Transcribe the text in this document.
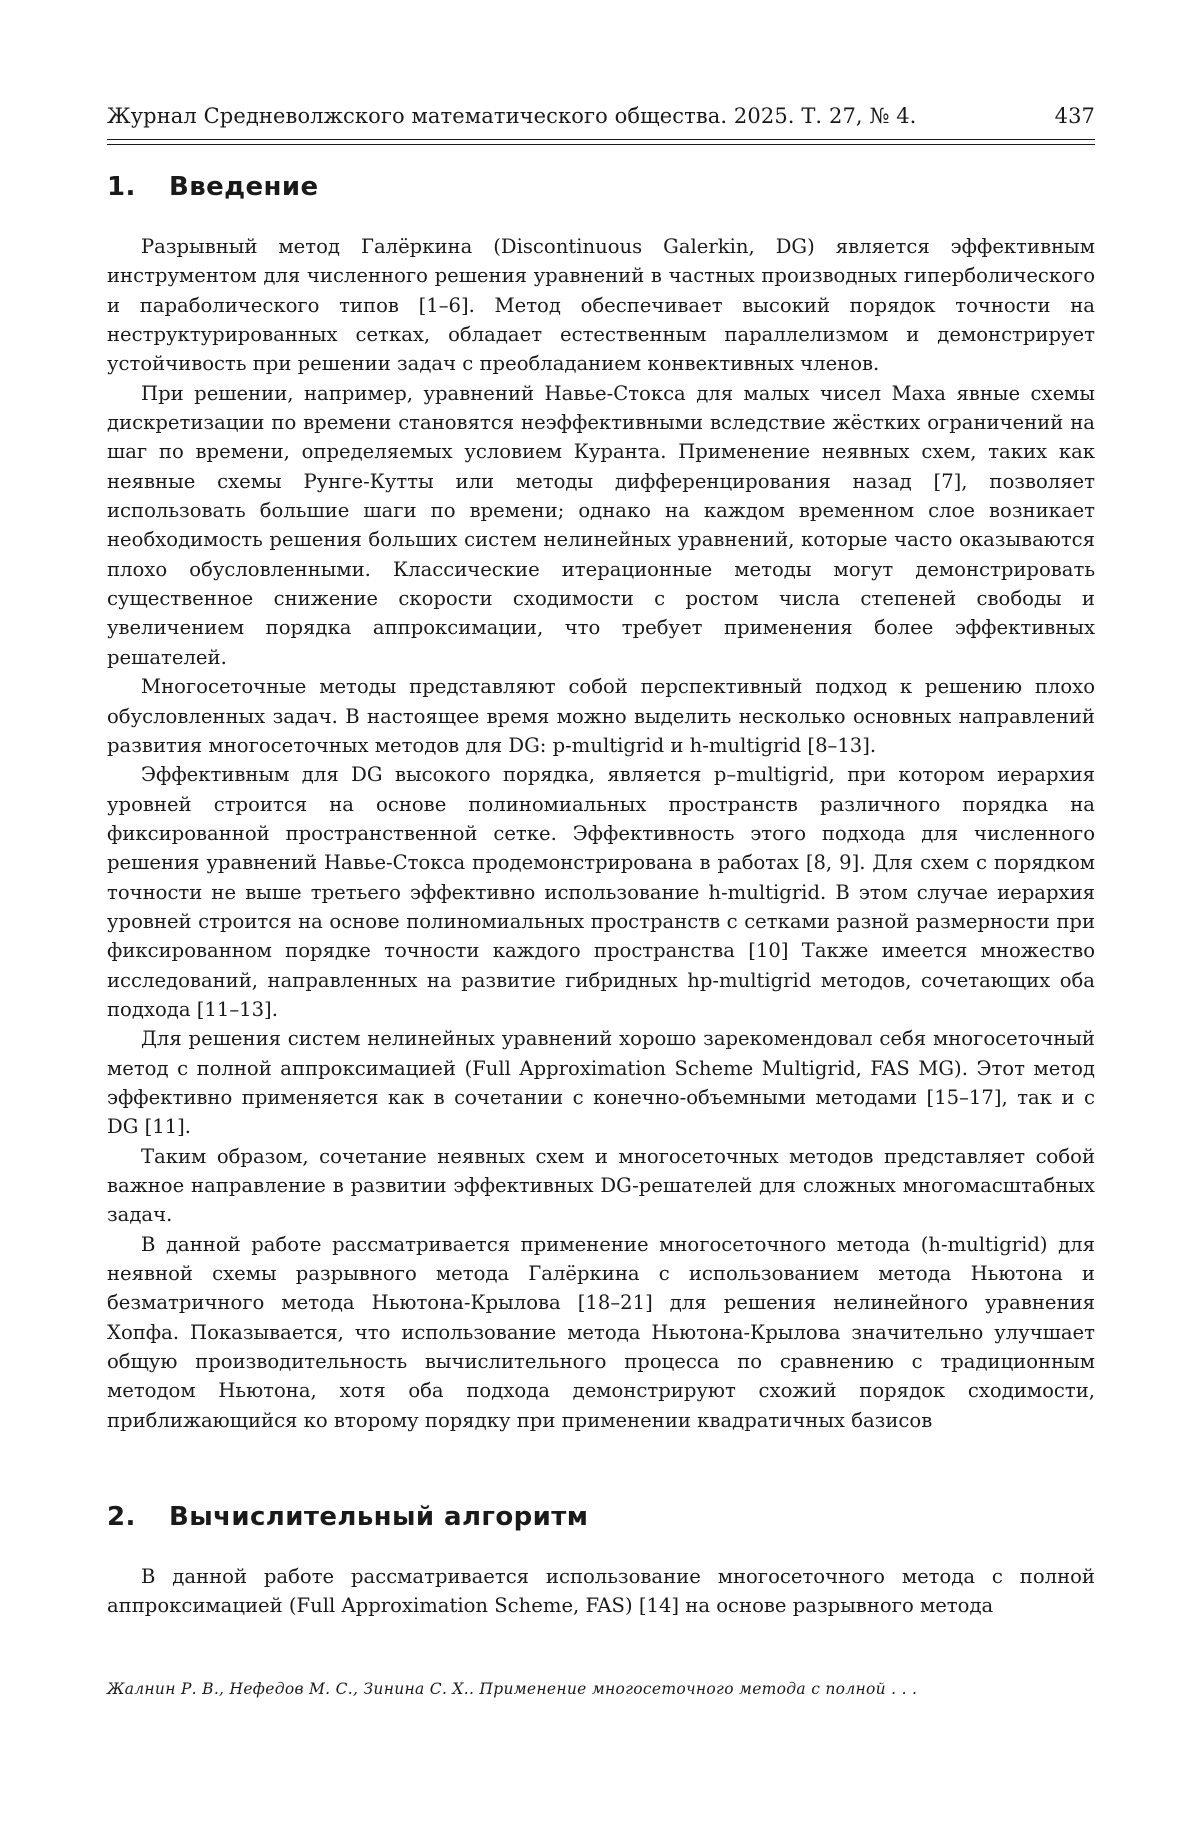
Журнал Средневолжского математического общества. 2025. Т. 27, № 4.	437
1. Введение

Разрывный метод Галёркина (Discontinuous Galerkin, DG) является эффективным инструментом для численного решения уравнений в частных производных гиперболического и параболического типов [1–6]. Метод обеспечивает высокий порядок точности на неструктурированных сетках, обладает естественным параллелизмом и демонстрирует устойчивость при решении задач с преобладанием конвективных членов.

При решении, например, уравнений Навье-Стокса для малых чисел Маха явные схемы дискретизации по времени становятся неэффективными вследствие жёстких ограничений на шаг по времени, определяемых условием Куранта. Применение неявных схем, таких как неявные схемы Рунге-Кутты или методы дифференцирования назад [7], позволяет использовать большие шаги по времени; однако на каждом временном слое возникает необходимость решения больших систем нелинейных уравнений, которые часто оказываются плохо обусловленными. Классические итерационные методы могут демонстрировать существенное снижение скорости сходимости с ростом числа степеней свободы и увеличением порядка аппроксимации, что требует применения более эффективных решателей.

Многосеточные методы представляют собой перспективный подход к решению плохо обусловленных задач. В настоящее время можно выделить несколько основных направлений развития многосеточных методов для DG: p-multigrid и h-multigrid [8–13].

Эффективным для DG высокого порядка, является p–multigrid, при котором иерархия уровней строится на основе полиномиальных пространств различного порядка на фиксированной пространственной сетке. Эффективность этого подхода для численного решения уравнений Навье-Стокса продемонстрирована в работах [8, 9]. Для схем с порядком точности не выше третьего эффективно использование h-multigrid. В этом случае иерархия уровней строится на основе полиномиальных пространств с сетками разной размерности при фиксированном порядке точности каждого пространства [10] Также имеется множество исследований, направленных на развитие гибридных hp-multigrid методов, сочетающих оба подхода [11–13].

Для решения систем нелинейных уравнений хорошо зарекомендовал себя многосеточный метод с полной аппроксимацией (Full Approximation Scheme Multigrid, FAS MG). Этот метод эффективно применяется как в сочетании с конечно-объемными методами [15–17], так и с DG [11].

Таким образом, сочетание неявных схем и многосеточных методов представляет собой важное направление в развитии эффективных DG-решателей для сложных многомасштабных задач.

В данной работе рассматривается применение многосеточного метода (h-multigrid) для неявной схемы разрывного метода Галёркина с использованием метода Ньютона и безматричного метода Ньютона-Крылова [18–21] для решения нелинейного уравнения Хопфа. Показывается, что использование метода Ньютона-Крылова значительно улучшает общую производительность вычислительного процесса по сравнению с традиционным методом Ньютона, хотя оба подхода демонстрируют схожий порядок сходимости, приближающийся ко второму порядку при применении квадратичных базисов

2. Вычислительный алгоритм

В данной работе рассматривается использование многосеточного метода с полной аппроксимацией (Full Approximation Scheme, FAS) [14] на основе разрывного метода

Жалнин Р. В., Нефедов М. С., Зинина С. Х.. Применение многосеточного метода с полной . . .
